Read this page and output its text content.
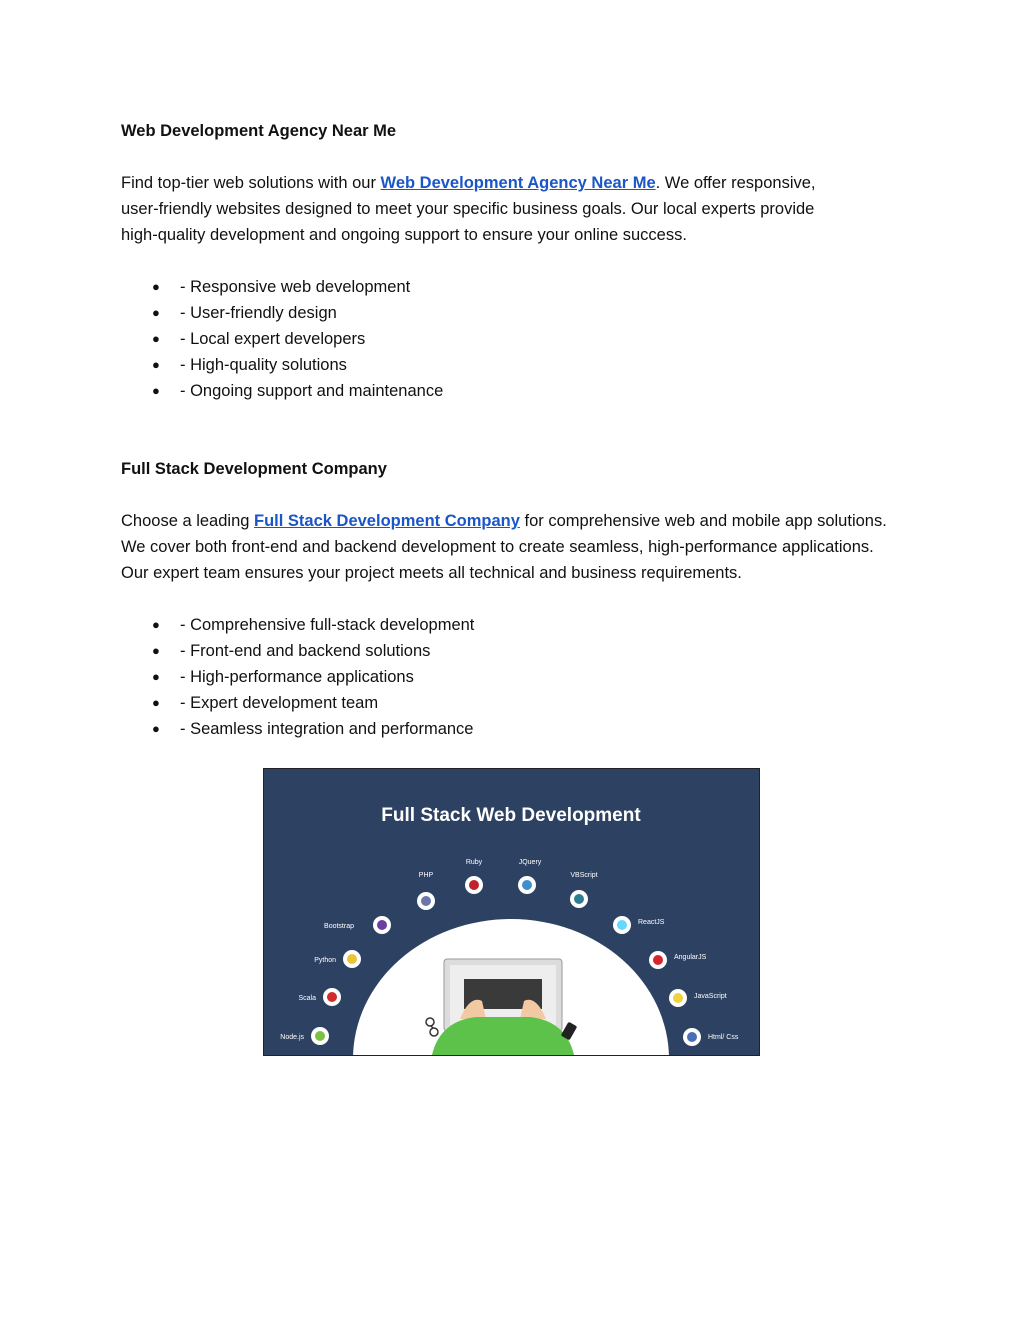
Web Development Agency Near Me

Find top-tier web solutions with our Web Development Agency Near Me. We offer responsive,
user-friendly websites designed to meet your specific business goals. Our local experts provide
high-quality development and ongoing support to ensure your online success.

● - Responsive web development
● - User-friendly design
● - Local expert developers
● - High-quality solutions
● - Ongoing support and maintenance
Full Stack Development Company

Choose a leading Full Stack Development Company for comprehensive web and mobile app solutions.
We cover both front-end and backend development to create seamless, high-performance applications.
Our expert team ensures your project meets all technical and business requirements.

● - Comprehensive full-stack development
● - Front-end and backend solutions
● - High-performance applications
● - Expert development team
● - Seamless integration and performance
Full Stack Web Development
PHP
Bootstrap
Python
Scala
Node.js
Ruby	JQuery
VBScript
ReactJS
AngularJS
JavaScript
Html/ Css
